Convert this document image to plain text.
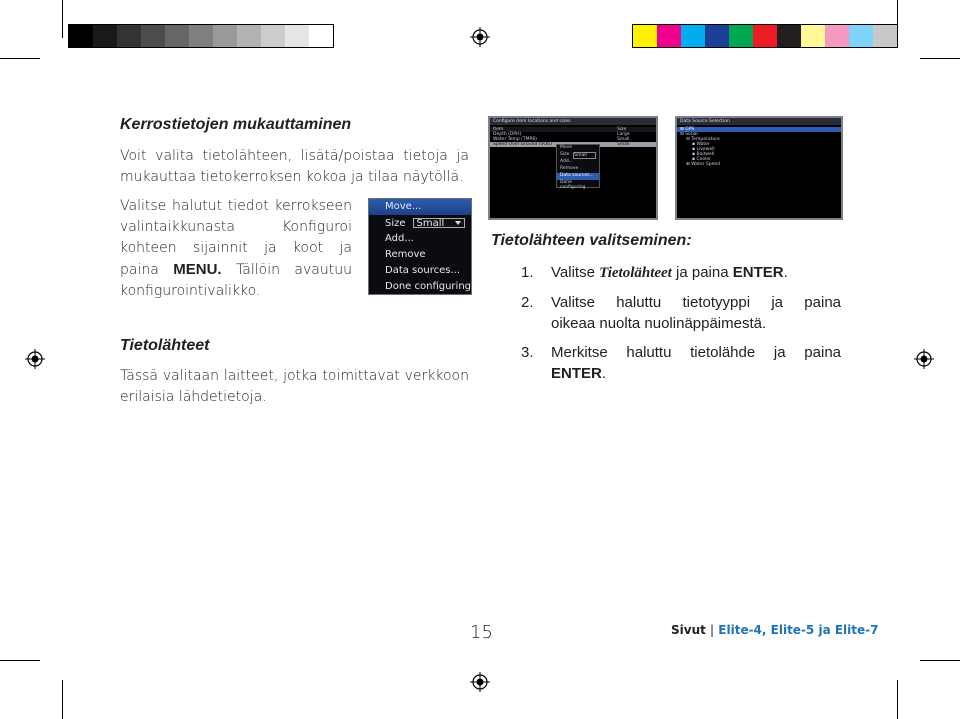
Kerrostietojen mukauttaminen
Voit valita tietolähteen, lisätä/poistaa tietoja ja
mukauttaa tietokerroksen kokoa ja tilaa näytöllä.
Valitse halutut tiedot kerrokseen
valintaikkunasta Konfiguroi
kohteen sijainnit ja koot ja
paina MENU. Tällöin avautuu
konfigurointivalikko.
Move...
Size Small
Add...
Remove
Data sources...
Done configuring
Tietolähteet
Tässä valitaan laitteet, jotka toimittavat verkkoon
erilaisia lähdetietoja.
Configure item locations and sizes
Item	Size
Depth (DPH)	Large
Water Temp (TMP8)	Small
Speed Over Ground (SOG)	Small
Move
Size Small
Add...
Remove
Data sources...
Done configuring
Data Source Selection
⊞ GPS
⊟ Sonar
⊟ Temperature
▪ Water
▪ Livewell
▪ Baitwell
▪ Cooler
⊞ Water Speed
Tietolähteen valitseminen:
1. Valitse Tietolähteet ja paina ENTER.
2.	Valitse haluttu tietotyyppi ja paina
oikeaa nuolta nuolinäppäimestä.
3.	Merkitse haluttu tietolähde ja paina
ENTER.
15	Sivut | Elite-4, Elite-5 ja Elite-7
